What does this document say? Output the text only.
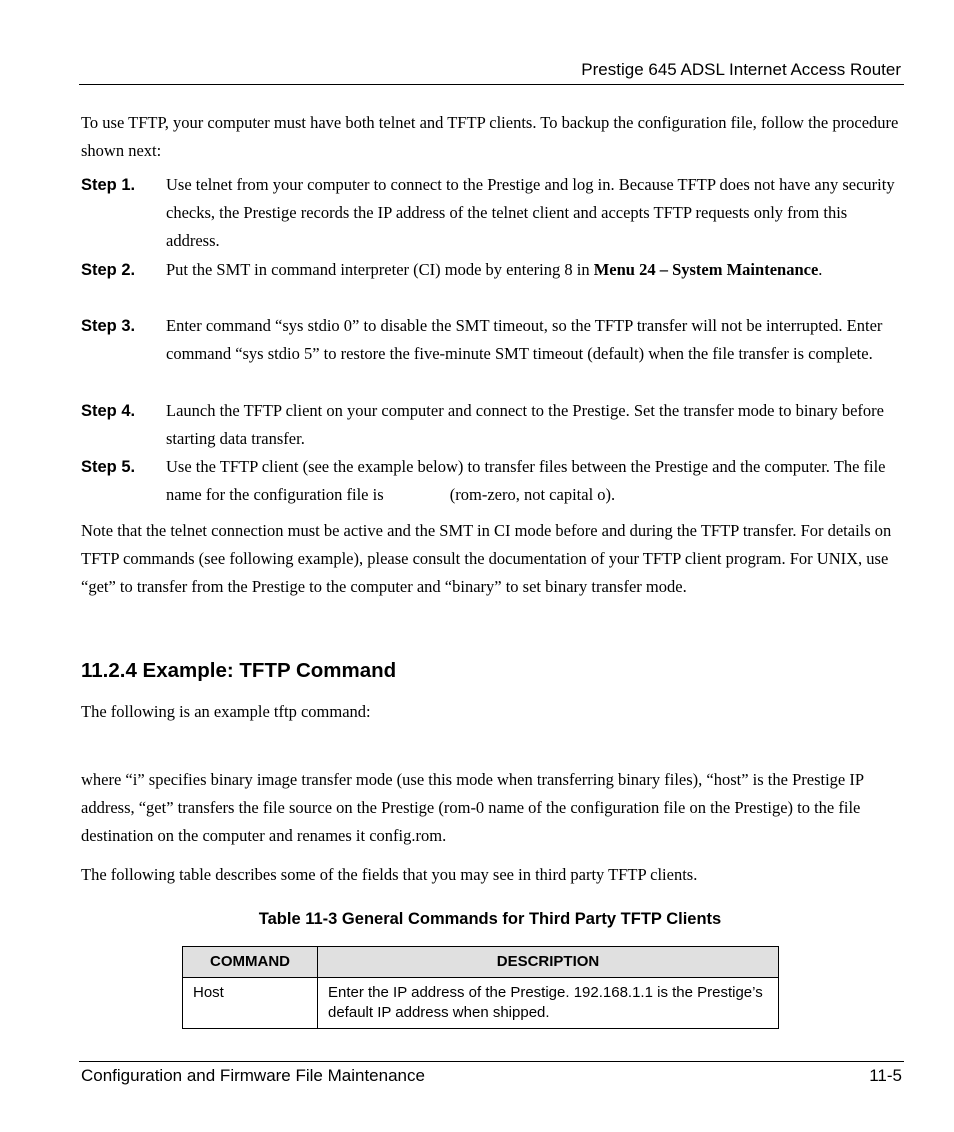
Prestige 645 ADSL Internet Access Router

To use TFTP, your computer must have both telnet and TFTP clients. To backup the configuration file, follow the procedure shown next:

Step 1. Use telnet from your computer to connect to the Prestige and log in. Because TFTP does not have any security checks, the Prestige records the IP address of the telnet client and accepts TFTP requests only from this address.
Step 2. Put the SMT in command interpreter (CI) mode by entering 8 in Menu 24 – System Maintenance.
Step 3. Enter command “sys stdio 0” to disable the SMT timeout, so the TFTP transfer will not be interrupted. Enter command “sys stdio 5” to restore the five-minute SMT timeout (default) when the file transfer is complete.
Step 4. Launch the TFTP client on your computer and connect to the Prestige. Set the transfer mode to binary before starting data transfer.
Step 5. Use the TFTP client (see the example below) to transfer files between the Prestige and the computer. The file name for the configuration file is	(rom-zero, not capital o).

Note that the telnet connection must be active and the SMT in CI mode before and during the TFTP transfer. For details on TFTP commands (see following example), please consult the documentation of your TFTP client program. For UNIX, use “get” to transfer from the Prestige to the computer and “binary” to set binary transfer mode.

11.2.4 Example: TFTP Command

The following is an example tftp command:

where “i” specifies binary image transfer mode (use this mode when transferring binary files), “host” is the Prestige IP address, “get” transfers the file source on the Prestige (rom-0 name of the configuration file on the Prestige) to the file destination on the computer and renames it config.rom.

The following table describes some of the fields that you may see in third party TFTP clients.

Table 11-3 General Commands for Third Party TFTP Clients
COMMAND	DESCRIPTION
Host	Enter the IP address of the Prestige. 192.168.1.1 is the Prestige’s default IP address when shipped.
Configuration and Firmware File Maintenance	11-5
